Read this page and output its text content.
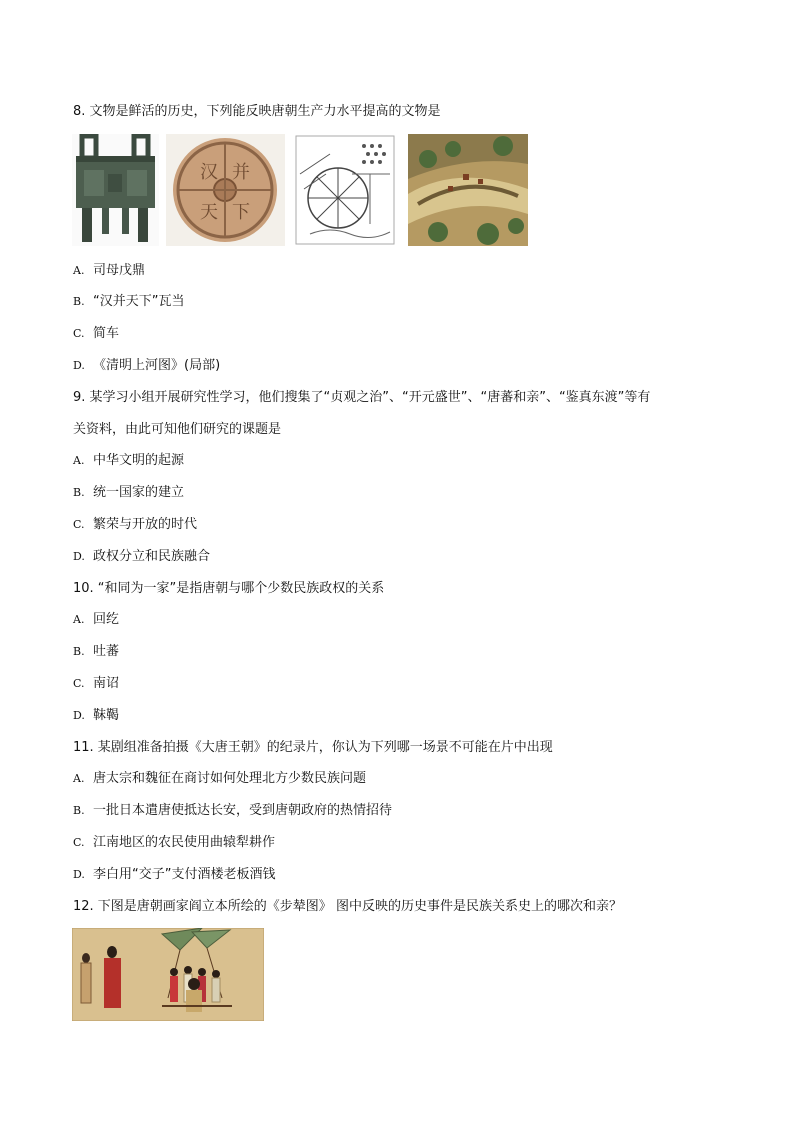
8. 文物是鲜活的历史，下列能反映唐朝生产力水平提高的文物是
汉 并
天 下
A. 司母戊鼎
B. “汉并天下”瓦当
C. 简车
D. 《清明上河图》(局部)
9. 某学习小组开展研究性学习，他们搜集了“贞观之治”、“开元盛世”、“唐蕃和亲”、“鉴真东渡”等有
关资料，由此可知他们研究的课题是
A. 中华文明的起源
B. 统一国家的建立
C. 繁荣与开放的时代
D. 政权分立和民族融合
10. “和同为一家”是指唐朝与哪个少数民族政权的关系
A. 回纥
B. 吐蕃
C. 南诏
D. 靺鞨
11. 某剧组准备拍摄《大唐王朝》的纪录片，你认为下列哪一场景不可能在片中出现
A. 唐太宗和魏征在商讨如何处理北方少数民族问题
B. 一批日本遣唐使抵达长安，受到唐朝政府的热情招待
C. 江南地区的农民使用曲辕犁耕作
D. 李白用“交子”支付酒楼老板酒钱
12. 下图是唐朝画家阎立本所绘的《步辇图》 图中反映的历史事件是民族关系史上的哪次和亲？
